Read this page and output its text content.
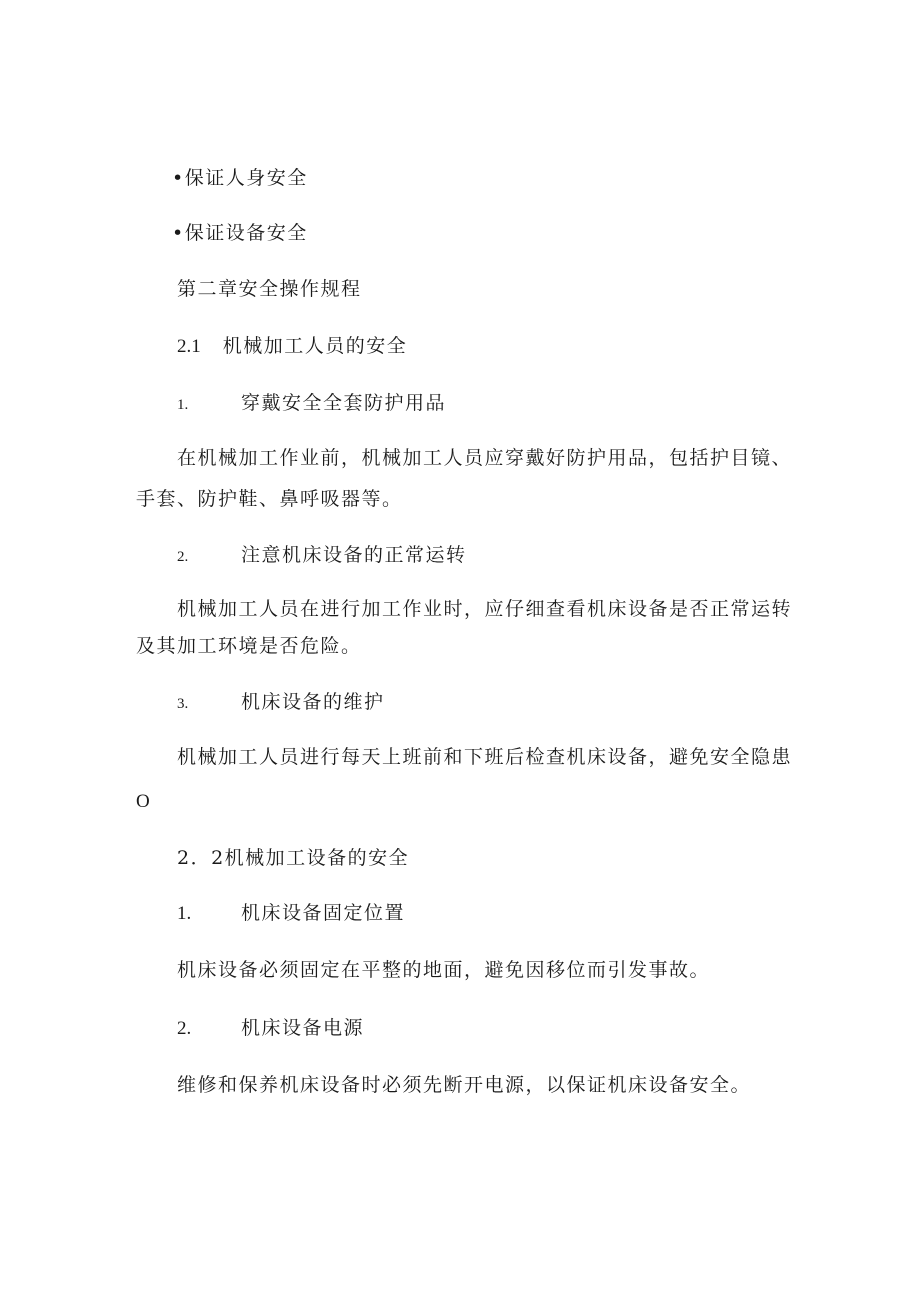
•保证人身安全
•保证设备安全
第二章安全操作规程
2.1 机械加工人员的安全
1.	穿戴安全全套防护用品
在机械加工作业前，机械加工人员应穿戴好防护用品，包括护目镜、
手套、防护鞋、鼻呼吸器等。
2.	注意机床设备的正常运转
机械加工人员在进行加工作业时，应仔细查看机床设备是否正常运转
及其加工环境是否危险。
3.	机床设备的维护
机械加工人员进行每天上班前和下班后检查机床设备，避免安全隐患
O
2．2机械加工设备的安全
1.	机床设备固定位置
机床设备必须固定在平整的地面，避免因移位而引发事故。
2.	机床设备电源
维修和保养机床设备时必须先断开电源，以保证机床设备安全。
